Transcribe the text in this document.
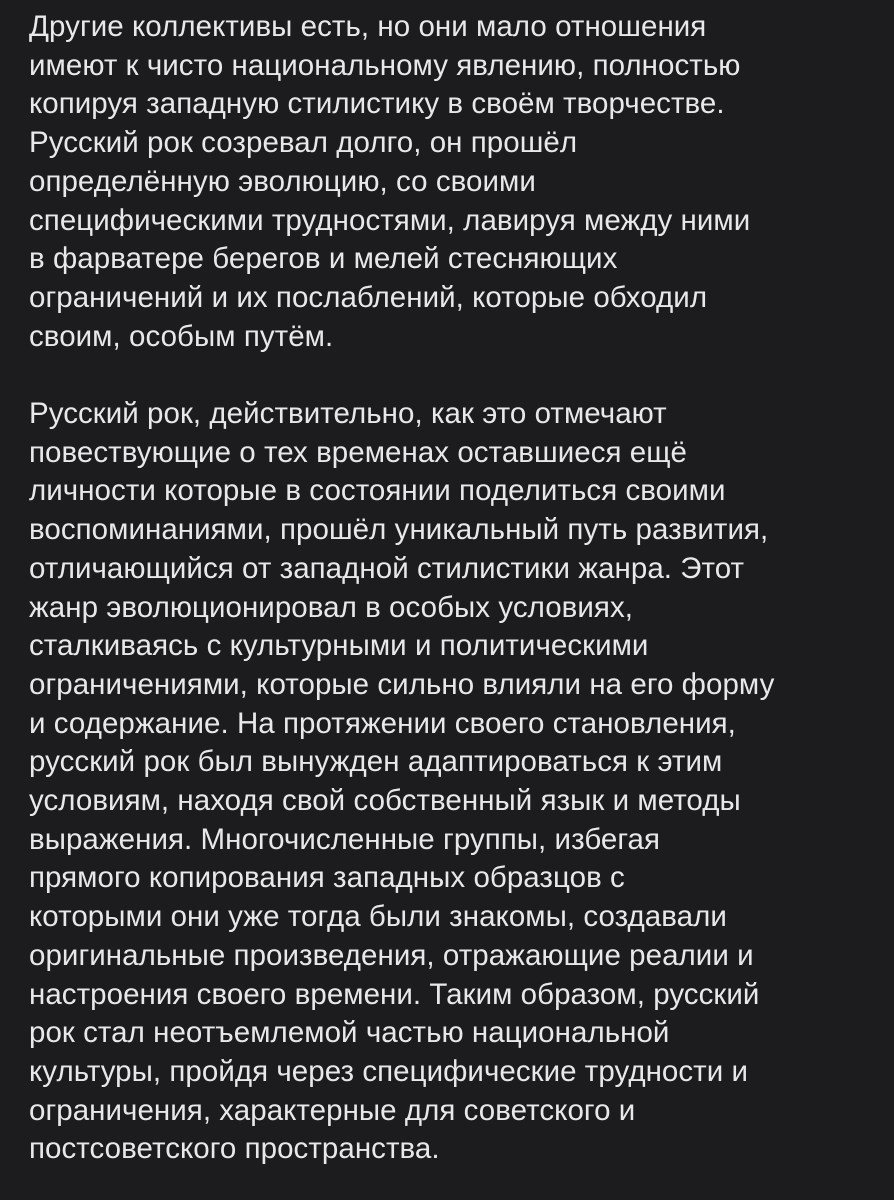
Другие коллективы есть, но они мало отношения
имеют к чисто национальному явлению, полностью
копируя западную стилистику в своём творчестве.
Русский рок созревал долго, он прошёл
определённую эволюцию, со своими
специфическими трудностями, лавируя между ними
в фарватере берегов и мелей стесняющих
ограничений и их послаблений, которые обходил
своим, особым путём.

Русский рок, действительно, как это отмечают
повествующие о тех временах оставшиеся ещё
личности которые в состоянии поделиться своими
воспоминаниями, прошёл уникальный путь развития,
отличающийся от западной стилистики жанра. Этот
жанр эволюционировал в особых условиях,
сталкиваясь с культурными и политическими
ограничениями, которые сильно влияли на его форму
и содержание. На протяжении своего становления,
русский рок был вынужден адаптироваться к этим
условиям, находя свой собственный язык и методы
выражения. Многочисленные группы, избегая
прямого копирования западных образцов с
которыми они уже тогда были знакомы, создавали
оригинальные произведения, отражающие реалии и
настроения своего времени. Таким образом, русский
рок стал неотъемлемой частью национальной
культуры, пройдя через специфические трудности и
ограничения, характерные для советского и
постсоветского пространства.
